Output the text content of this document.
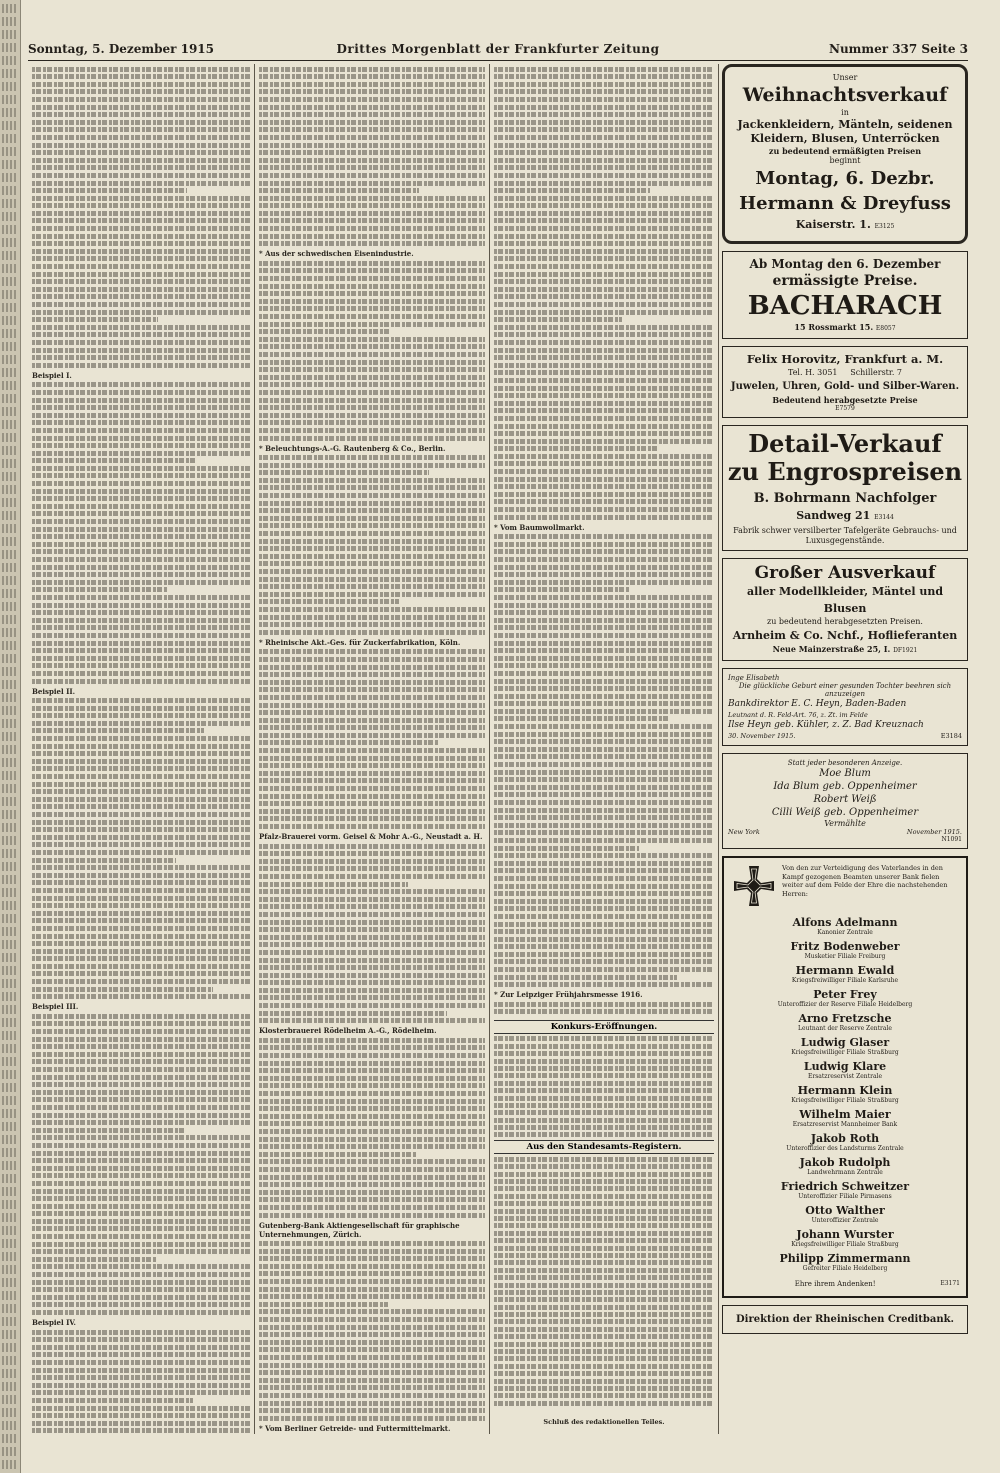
Sonntag, 5. Dezember 1915	Drittes Morgenblatt der Frankfurter Zeitung	Nummer 337 Seite 3
Beispiel I.
Beispiel II.
Beispiel III.
Beispiel IV.
* Aus der schwedischen Eisenindustrie.
* Beleuchtungs-A.-G. Rautenberg & Co., Berlin.
* Rheinische Akt.-Ges. für Zuckerfabrikation, Köln.
Pfalz-Brauerei vorm. Geisel & Mohr A.-G., Neustadt a. H.
Klosterbrauerei Rödelheim A.-G., Rödelheim.
Gutenberg-Bank Aktiengesellschaft für graphische Unternehmungen, Zürich.
* Vom Berliner Getreide- und Futtermittelmarkt.
* Vom Baumwollmarkt.
* Zur Leipziger Frühjahrsmesse 1916.
Konkurs-Eröffnungen.
Aus den Standesamts-Registern.
Schluß des redaktionellen Teiles.
Unser
Weihnachtsverkauf
in
Jackenkleidern, Mänteln, seidenen Kleidern, Blusen, Unterröcken
zu bedeutend ermäßigten Preisen
beginnt
Montag, 6. Dezbr.
Hermann & Dreyfuss
Kaiserstr. 1. E3125
Ab Montag den 6. Dezember
ermässigte Preise.
BACHARACH
15 Rossmarkt 15. E8057
Felix Horovitz, Frankfurt a. M.
Tel. H. 3051 Schillerstr. 7
Juwelen, Uhren, Gold- und Silber-Waren.
Bedeutend herabgesetzte Preise
E7579
Detail-Verkauf
zu Engrospreisen
B. Bohrmann Nachfolger
Sandweg 21 E3144
Fabrik schwer versilberter Tafelgeräte Gebrauchs- und Luxusgegenstände.
Großer Ausverkauf
aller Modellkleider, Mäntel und Blusen
zu bedeutend herabgesetzten Preisen.
Arnheim & Co. Nchf., Hoflieferanten
Neue Mainzerstraße 25, I. DF1921
Inge Elisabeth
Die glückliche Geburt einer gesunden Tochter beehren sich anzuzeigen
Bankdirektor E. C. Heyn, Baden-Baden
Leutnant d. R. Feld-Art. 76, z. Zt. im Felde
Ilse Heyn geb. Kühler, z. Z. Bad Kreuznach
30. November 1915.	E3184
Statt jeder besonderen Anzeige.
Moe Blum
Ida Blum geb. Oppenheimer
Robert Weiß
Cilli Weiß geb. Oppenheimer
Vermählte
New York	November 1915.
N1091
Von den zur Verteidigung des Vaterlandes in den Kampf gezogenen Beamten unserer Bank fielen weiter auf dem Felde der Ehre die nachstehenden Herren:
Alfons Adelmann
Kanonier Zentrale
Fritz Bodenweber
Musketier Filiale Freiburg
Hermann Ewald
Kriegsfreiwilliger Filiale Karlsruhe
Peter Frey
Unteroffizier der Reserve Filiale Heidelberg
Arno Fretzsche
Leutnant der Reserve Zentrale
Ludwig Glaser
Kriegsfreiwilliger Filiale Straßburg
Ludwig Klare
Ersatzreservist Zentrale
Hermann Klein
Kriegsfreiwilliger Filiale Straßburg
Wilhelm Maier
Ersatzreservist Mannheimer Bank
Jakob Roth
Unteroffizier des Landsturms Zentrale
Jakob Rudolph
Landwehrmann Zentrale
Friedrich Schweitzer
Unteroffizier Filiale Pirmasens
Otto Walther
Unteroffizier Zentrale
Johann Wurster
Kriegsfreiwilliger Filiale Straßburg
Philipp Zimmermann
Gefreiter Filiale Heidelberg
Ehre ihrem Andenken!	E3171
Direktion der Rheinischen Creditbank.
